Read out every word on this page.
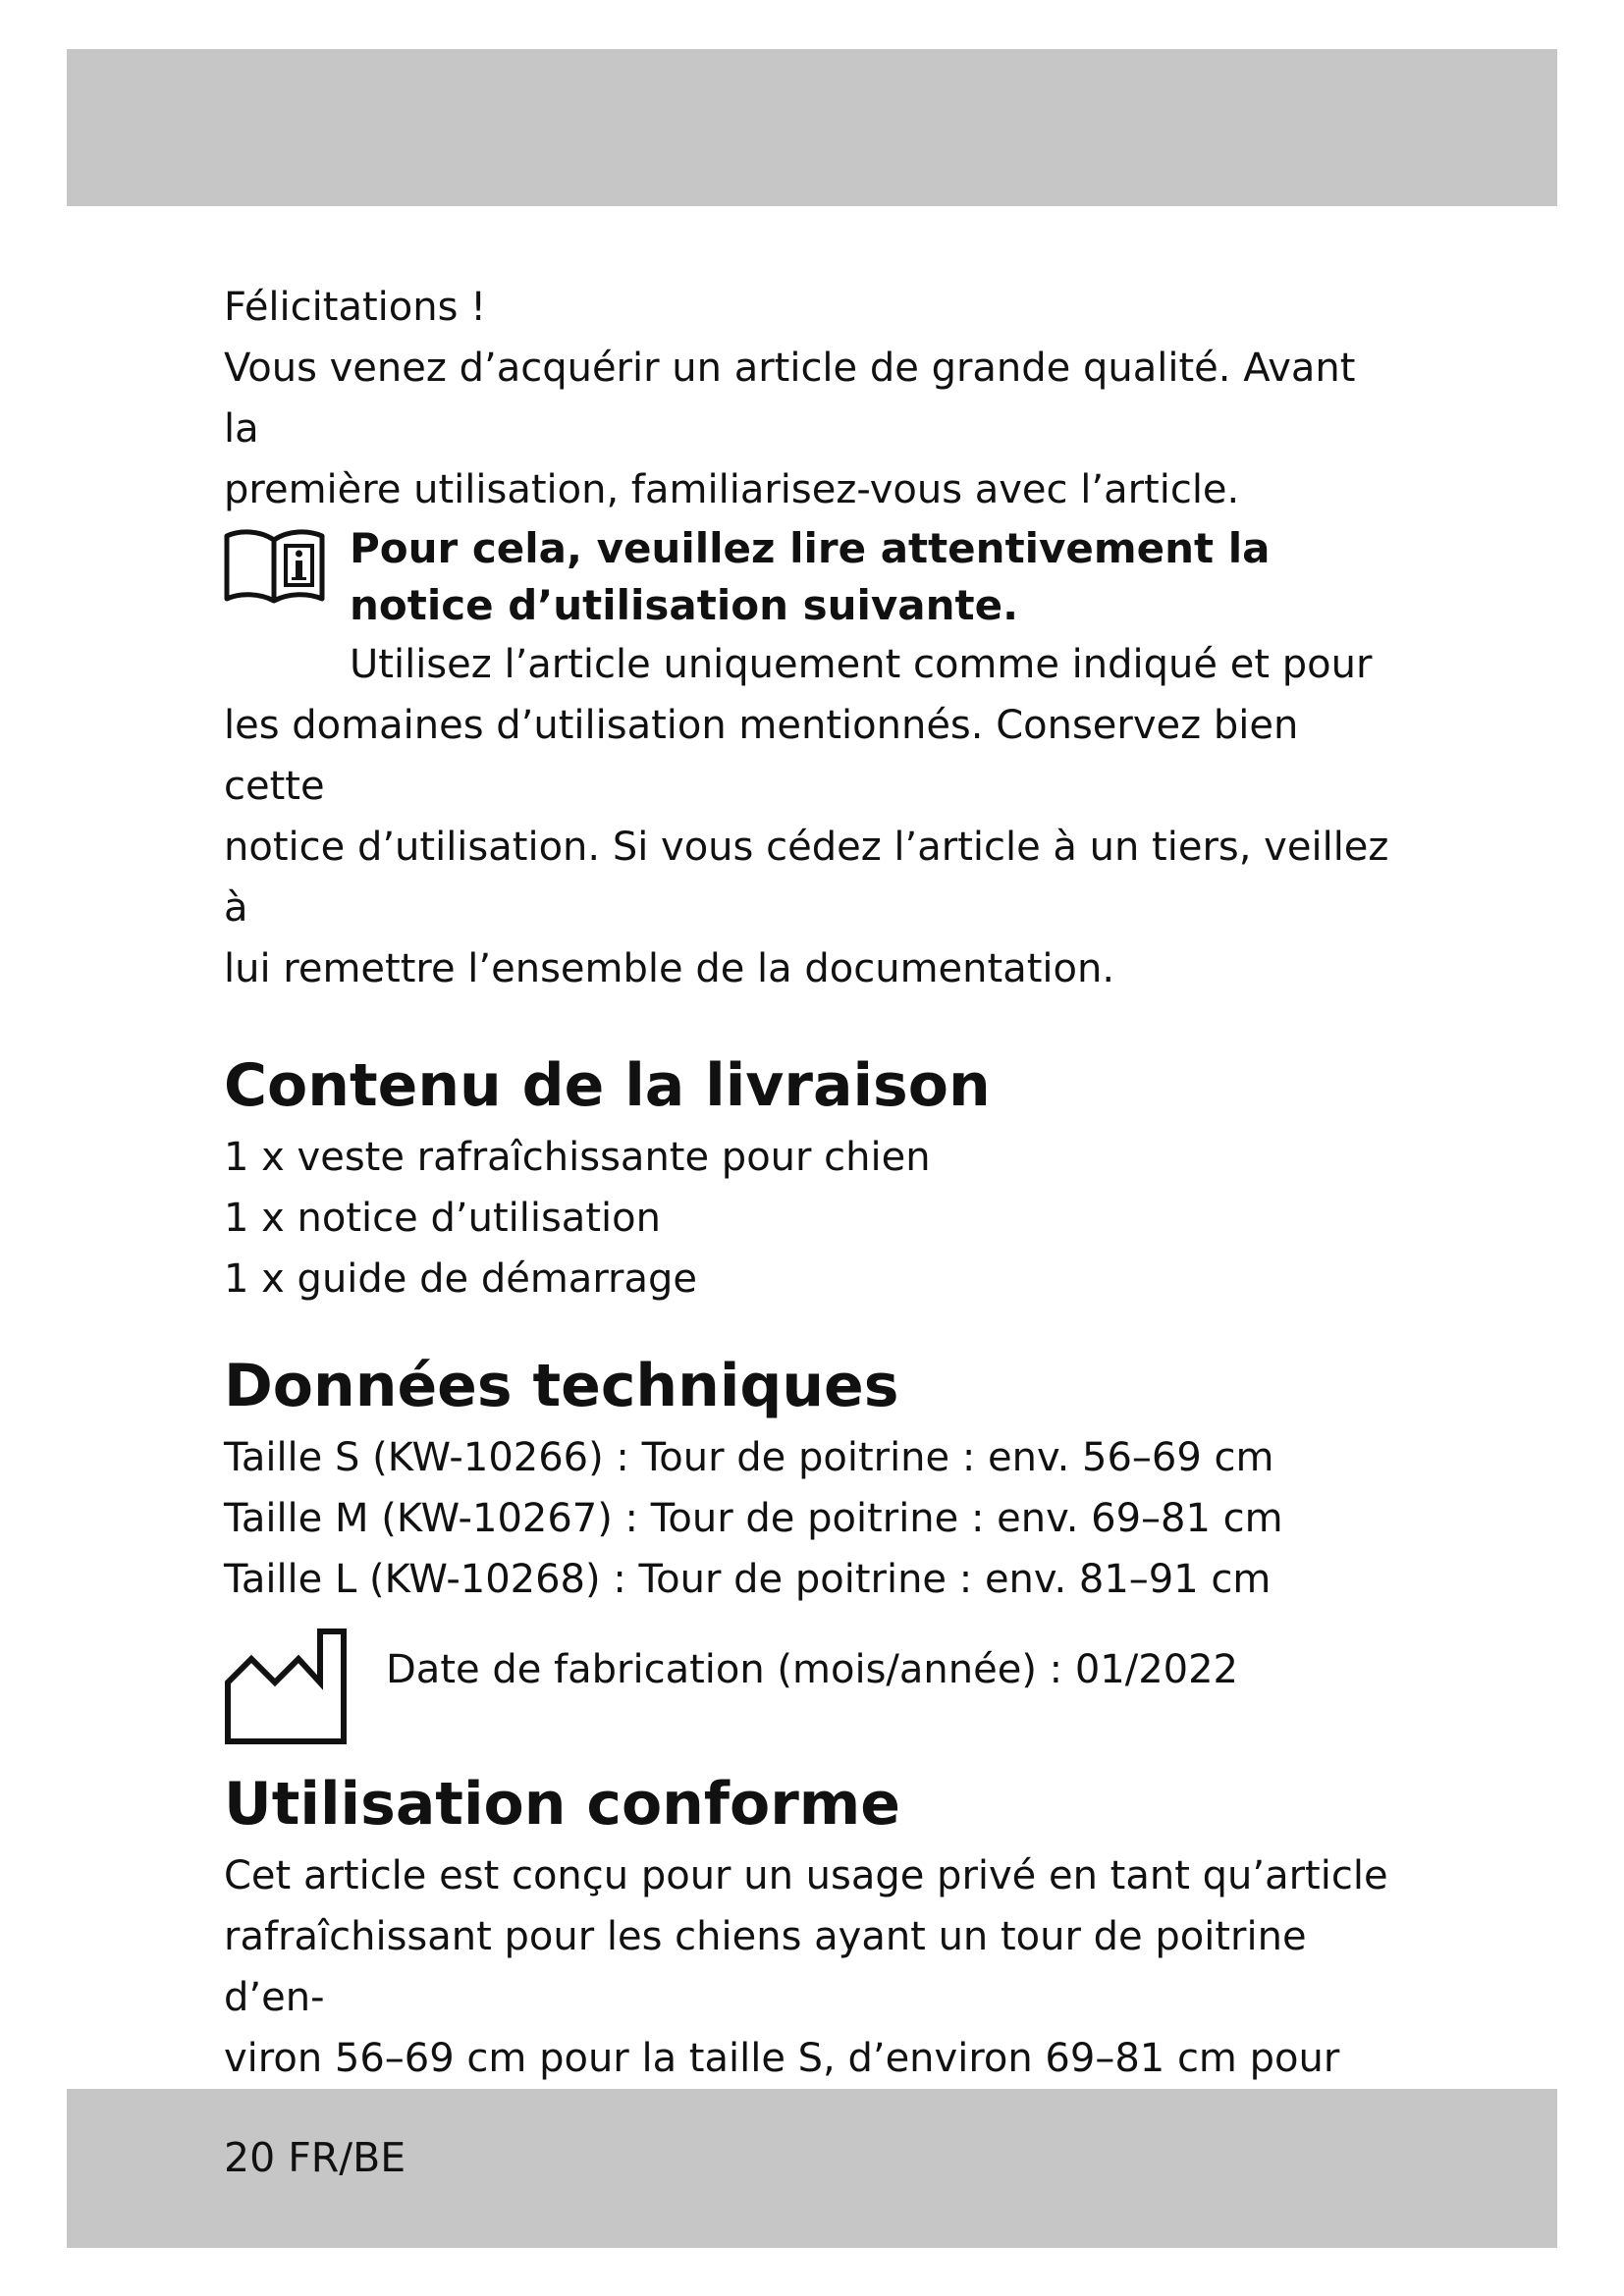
Félicitations !

Vous venez d’acquérir un article de grande qualité. Avant la

première utilisation, familiarisez-vous avec l’article.

Pour cela, veuillez lire attentivement la

notice d’utilisation suivante.

Utilisez l’article uniquement comme indiqué et pour

les domaines d’utilisation mentionnés. Conservez bien cette

notice d’utilisation. Si vous cédez l’article à un tiers, veillez à

lui remettre l’ensemble de la documentation.

Contenu de la livraison
1 x veste rafraîchissante pour chien
1 x notice d’utilisation
1 x guide de démarrage
Données techniques
Taille S (KW-10266) : Tour de poitrine : env. 56–69 cm
Taille M (KW-10267) : Tour de poitrine : env. 69–81 cm
Taille L (KW-10268) : Tour de poitrine : env. 81–91 cm

Date de fabrication (mois/année) : 01/2022

Utilisation conforme

Cet article est conçu pour un usage privé en tant qu’article

rafraîchissant pour les chiens ayant un tour de poitrine d’en-

viron 56–69 cm pour la taille S, d’environ 69–81 cm pour

20 FR/BE
